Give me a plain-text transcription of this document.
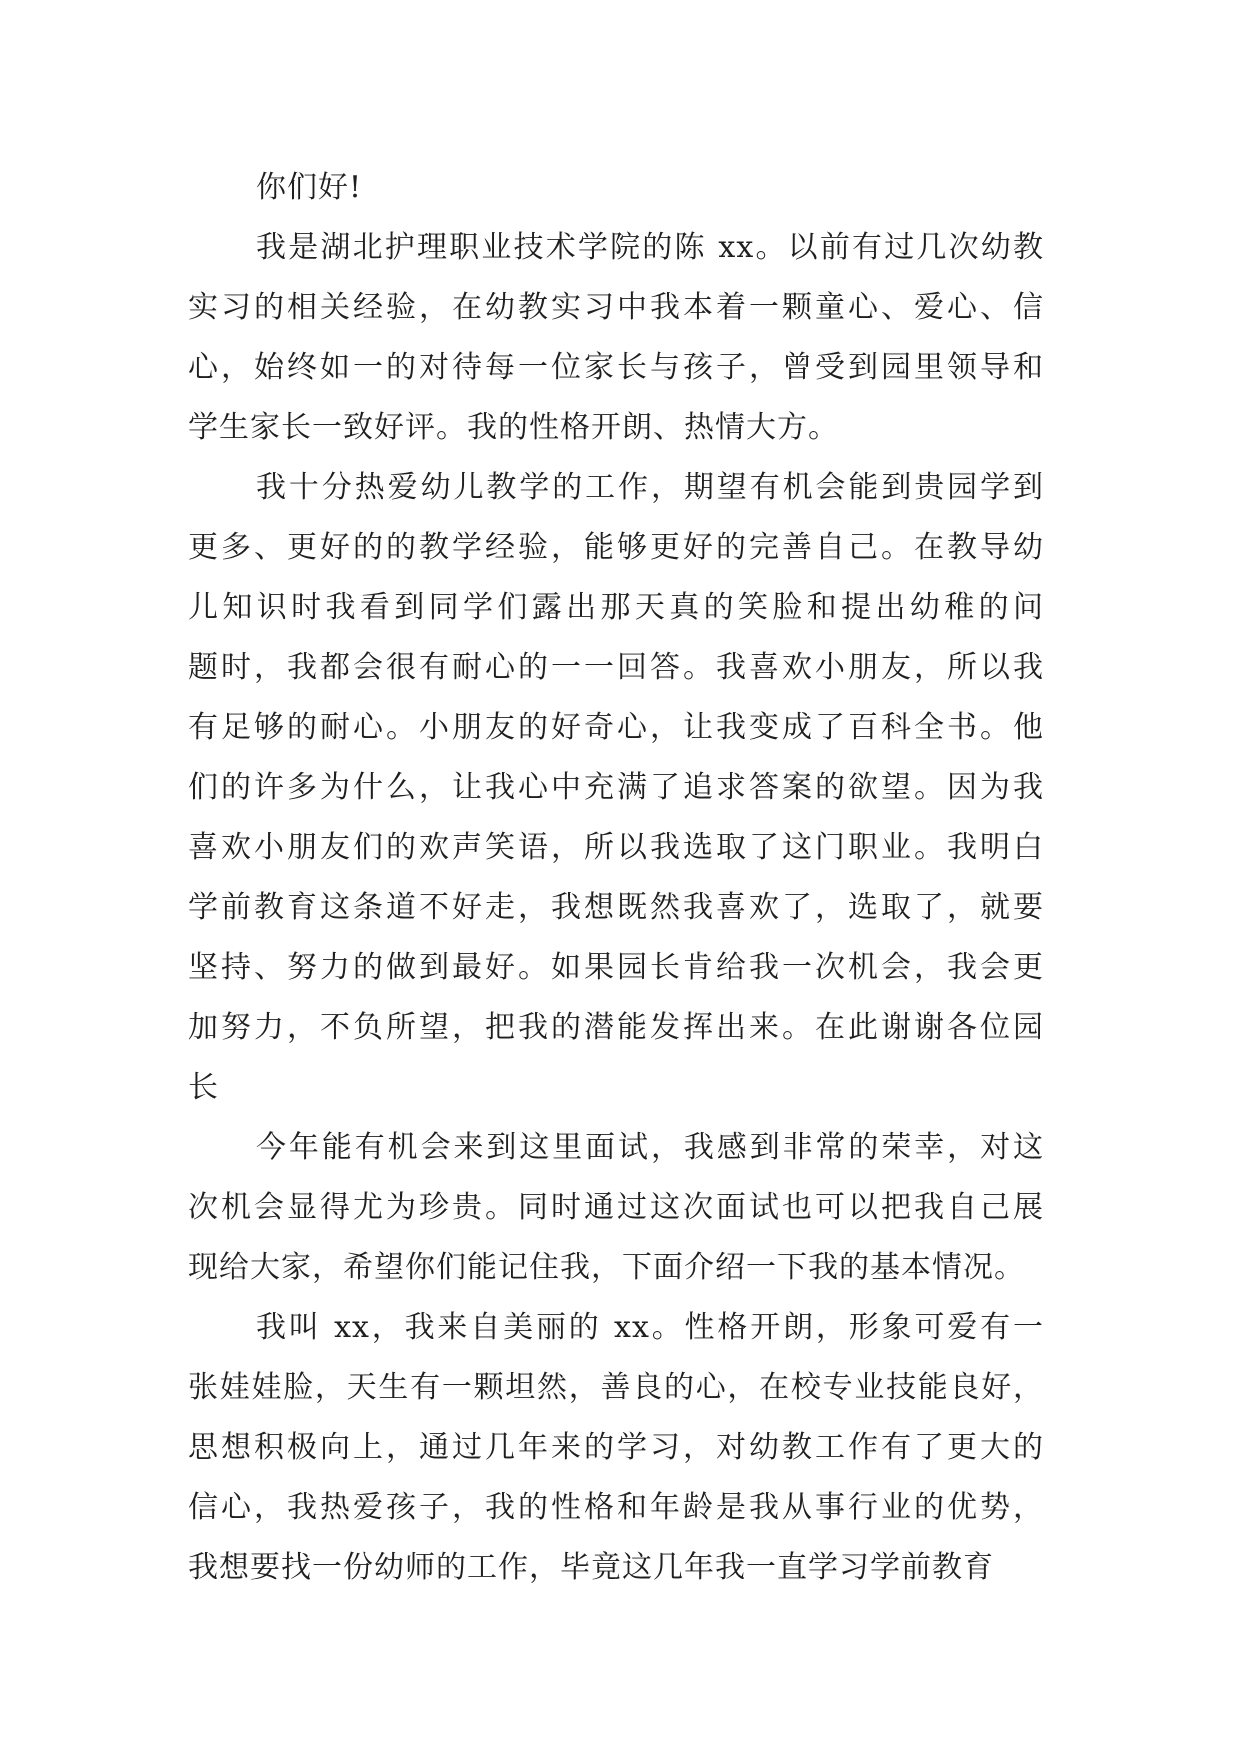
你们好!
我是湖北护理职业技术学院的陈 xx。以前有过几次幼教
实习的相关经验，在幼教实习中我本着一颗童心、爱心、信
心，始终如一的对待每一位家长与孩子，曾受到园里领导和
学生家长一致好评。我的性格开朗、热情大方。
我十分热爱幼儿教学的工作，期望有机会能到贵园学到
更多、更好的的教学经验，能够更好的完善自己。在教导幼
儿知识时我看到同学们露出那天真的笑脸和提出幼稚的问
题时，我都会很有耐心的一一回答。我喜欢小朋友，所以我
有足够的耐心。小朋友的好奇心，让我变成了百科全书。他
们的许多为什么，让我心中充满了追求答案的欲望。因为我
喜欢小朋友们的欢声笑语，所以我选取了这门职业。我明白
学前教育这条道不好走，我想既然我喜欢了，选取了，就要
坚持、努力的做到最好。如果园长肯给我一次机会，我会更
加努力，不负所望，把我的潜能发挥出来。在此谢谢各位园
长
今年能有机会来到这里面试，我感到非常的荣幸，对这
次机会显得尤为珍贵。同时通过这次面试也可以把我自己展
现给大家，希望你们能记住我，下面介绍一下我的基本情况。
我叫 xx，我来自美丽的 xx。性格开朗，形象可爱有一
张娃娃脸，天生有一颗坦然，善良的心，在校专业技能良好，
思想积极向上，通过几年来的学习，对幼教工作有了更大的
信心，我热爱孩子，我的性格和年龄是我从事行业的优势，
我想要找一份幼师的工作，毕竟这几年我一直学习学前教育
